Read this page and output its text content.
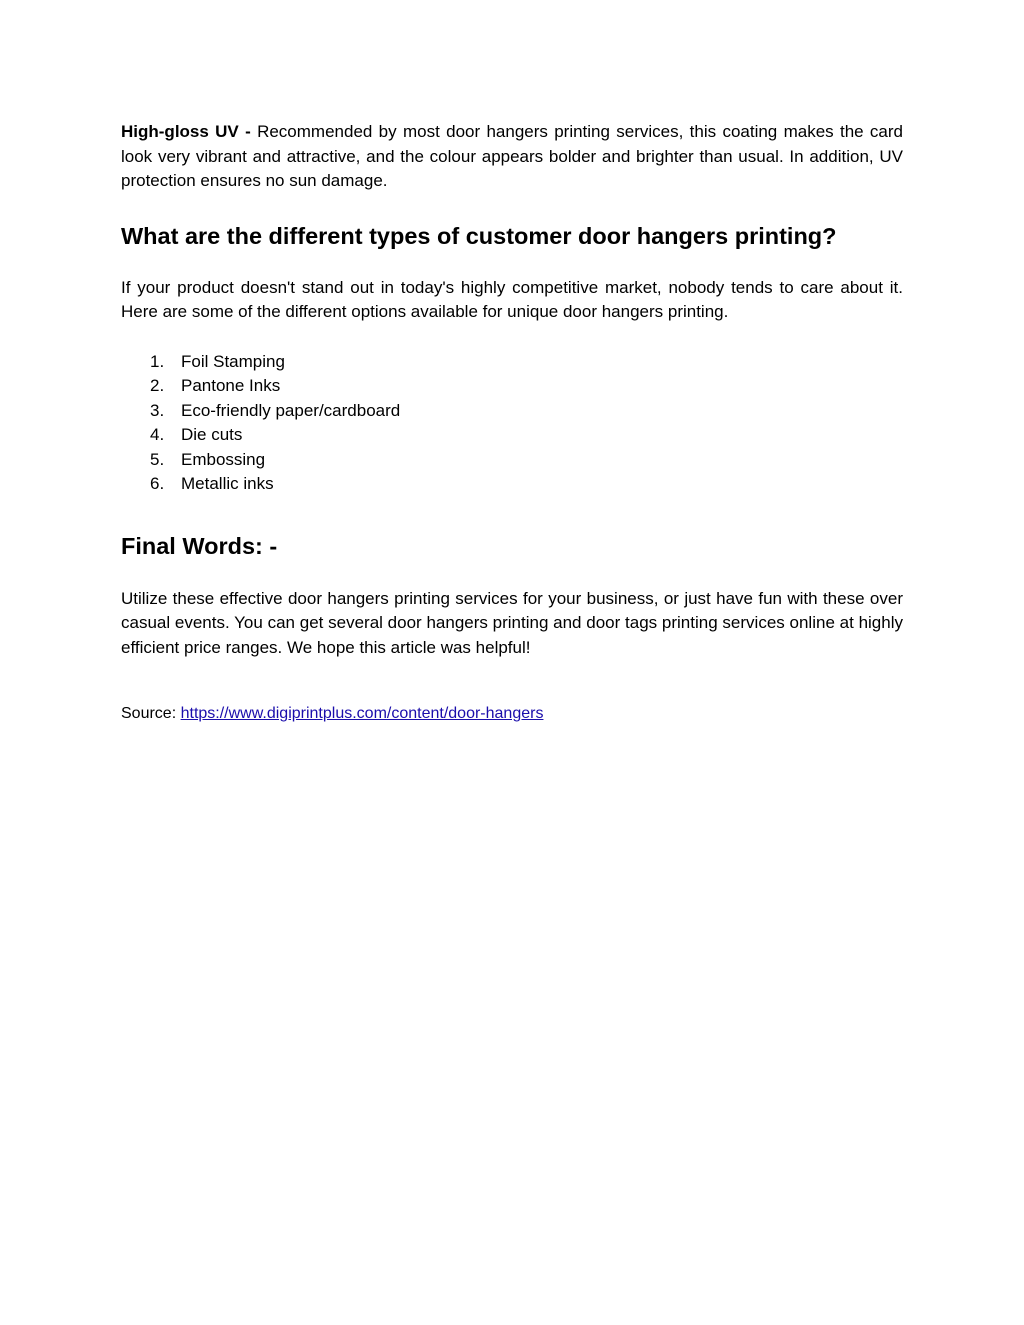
High-gloss UV - Recommended by most door hangers printing services, this coating makes the card look very vibrant and attractive, and the colour appears bolder and brighter than usual. In addition, UV protection ensures no sun damage.

What are the different types of customer door hangers printing?

If your product doesn't stand out in today's highly competitive market, nobody tends to care about it. Here are some of the different options available for unique door hangers printing.

1. Foil Stamping
2. Pantone Inks
3. Eco-friendly paper/cardboard
4. Die cuts
5. Embossing
6. Metallic inks
Final Words: -

Utilize these effective door hangers printing services for your business, or just have fun with these over casual events. You can get several door hangers printing and door tags printing services online at highly efficient price ranges. We hope this article was helpful!

Source: https://www.digiprintplus.com/content/door-hangers
